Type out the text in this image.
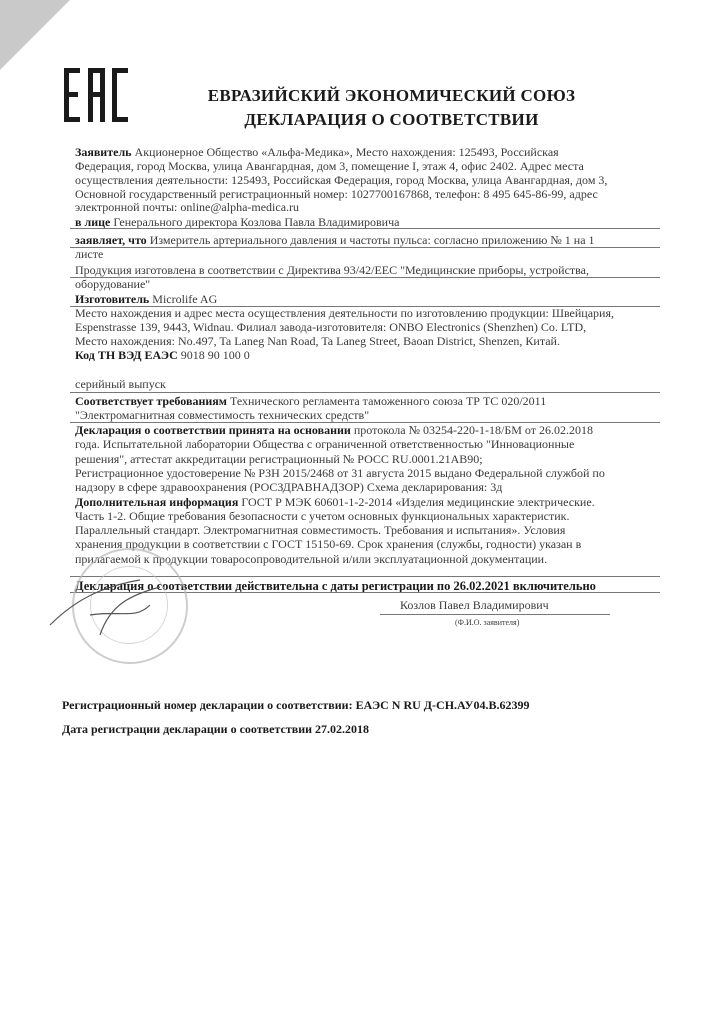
ЕВРАЗИЙСКИЙ ЭКОНОМИЧЕСКИЙ СОЮЗ
ДЕКЛАРАЦИЯ О СООТВЕТСТВИИ
Заявитель Акционерное Общество «Альфа-Медика», Место нахождения: 125493, Российская
Федерация, город Москва, улица Авангардная, дом 3, помещение I, этаж 4, офис 2402. Адрес места
осуществления деятельности: 125493, Российская Федерация, город Москва, улица Авангардная, дом 3,
Основной государственный регистрационный номер: 1027700167868, телефон: 8 495 645-86-99, адрес
электронной почты: online@alpha-medica.ru
в лице Генерального директора Козлова Павла Владимировича
заявляет, что Измеритель артериального давления и частоты пульса: согласно приложению № 1 на 1
листе
Продукция изготовлена в соответствии с Директива 93/42/ЕЕС "Медицинские приборы, устройства,
оборудование"
Изготовитель Microlife AG
Место нахождения и адрес места осуществления деятельности по изготовлению продукции: Швейцария,
Espenstrasse 139, 9443, Widnau. Филиал завода-изготовителя: ONBO Electronics (Shenzhen) Co. LTD,
Место нахождения: No.497, Ta Laneg Nan Road, Ta Laneg Street, Baoan District, Shenzen, Китай.
Код ТН ВЭД ЕАЭС 9018 90 100 0
серийный выпуск
Соответствует требованиям Технического регламента таможенного союза ТР ТС 020/2011
"Электромагнитная совместимость технических средств"
Декларация о соответствии принята на основании протокола № 03254-220-1-18/БМ от 26.02.2018
года. Испытательной лаборатории Общества с ограниченной ответственностью "Инновационные
решения", аттестат аккредитации регистрационный № РОСС RU.0001.21АВ90;
Регистрационное удостоверение № РЗН 2015/2468 от 31 августа 2015 выдано Федеральной службой по
надзору в сфере здравоохранения (РОСЗДРАВНАДЗОР) Схема декларирования: 3д
Дополнительная информация ГОСТ Р МЭК 60601-1-2-2014 «Изделия медицинские электрические.
Часть 1-2. Общие требования безопасности с учетом основных функциональных характеристик.
Параллельный стандарт. Электромагнитная совместимость. Требования и испытания». Условия
хранения продукции в соответствии с ГОСТ 15150-69. Срок хранения (службы, годности) указан в
прилагаемой к продукции товаросопроводительной и/или эксплуатационной документации.
Декларация о соответствии действительна с даты регистрации по 26.02.2021 включительно
Козлов Павел Владимирович
(Ф.И.О. заявителя)
Регистрационный номер декларации о соответствии: ЕАЭС N RU Д-CH.АУ04.В.62399
Дата регистрации декларации о соответствии 27.02.2018
